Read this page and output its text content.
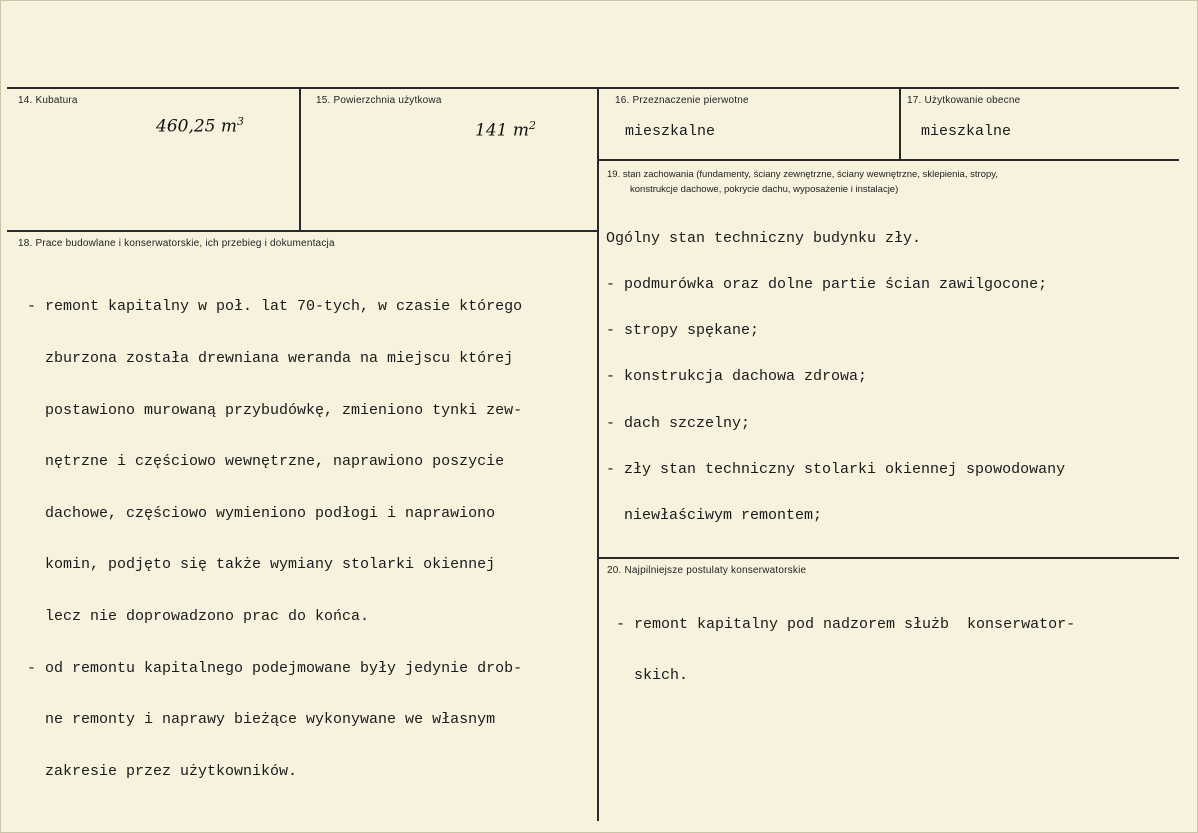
14. Kubatura
460,25 $m^3$
15. Powierzchnia użytkowa
141 $m^2$
16. Przeznaczenie pierwotne
mieszkalne
17. Użytkowanie obecne
mieszkalne
19. stan zachowania (fundamenty, ściany zewnętrzne, ściany wewnętrzne, sklepienia, stropy,
konstrukcje dachowe, pokrycie dachu, wyposażenie i instalacje)

Ogólny stan techniczny budynku zły.

- podmurówka oraz dolne partie ścian zawilgocone;

- stropy spękane;

- konstrukcja dachowa zdrowa;

- dach szczelny;

- zły stan techniczny stolarki okiennej spowodowany

niewłaściwym remontem;

18. Prace budowlane i konserwatorskie, ich przebieg i dokumentacja

- remont kapitalny w poł. lat 70-tych, w czasie którego

zburzona została drewniana weranda na miejscu której

postawiono murowaną przybudówkę, zmieniono tynki zew-

nętrzne i częściowo wewnętrzne, naprawiono poszycie

dachowe, częściowo wymieniono podłogi i naprawiono

komin, podjęto się także wymiany stolarki okiennej

lecz nie doprowadzono prac do końca.

- od remontu kapitalnego podejmowane były jedynie drob-

ne remonty i naprawy bieżące wykonywane we własnym

zakresie przez użytkowników.

20. Najpilniejsze postulaty konserwatorskie

- remont kapitalny pod nadzorem służb  konserwator-

skich.
